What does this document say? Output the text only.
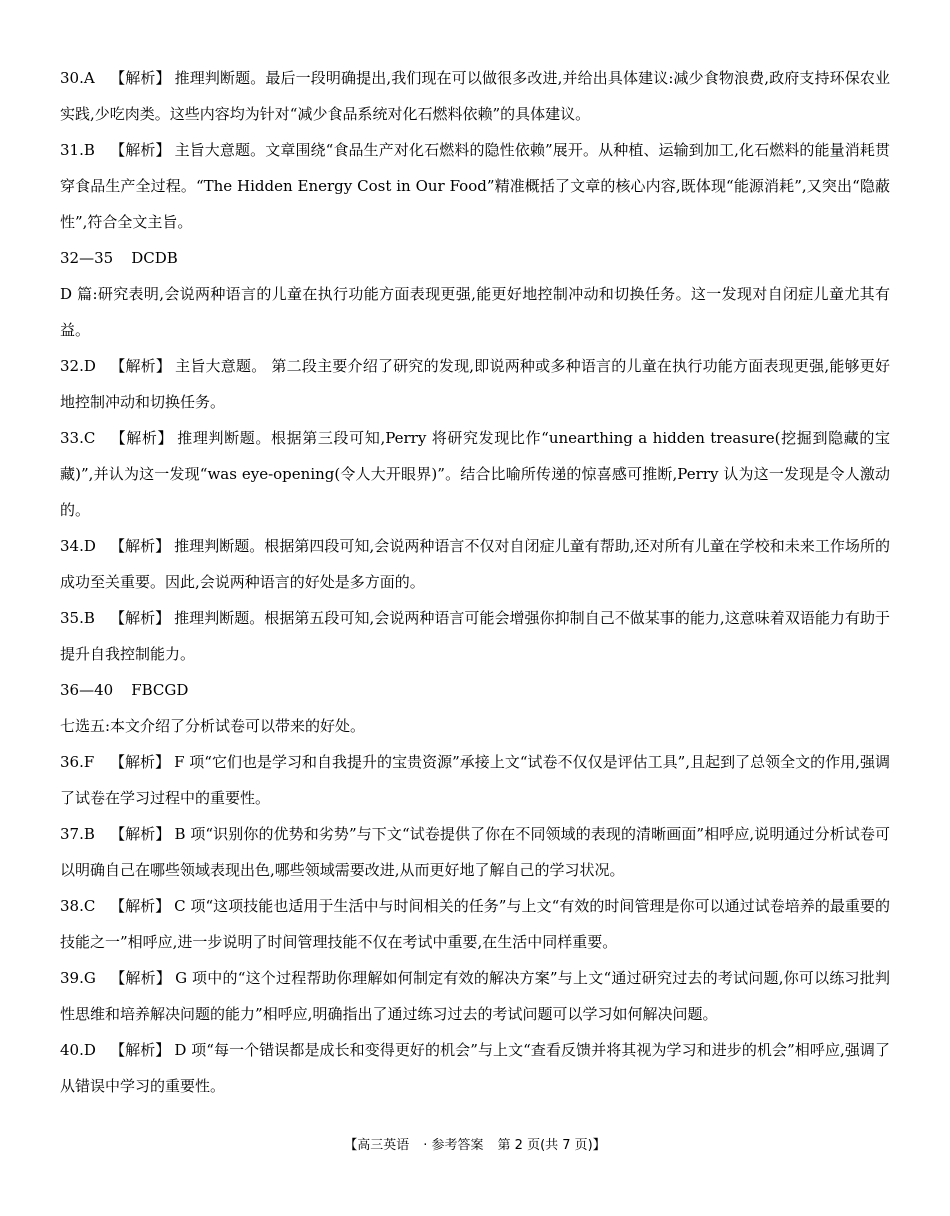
30.A 【解析】 推理判断题。最后一段明确提出,我们现在可以做很多改进,并给出具体建议:减少食物浪费,政府支持环保农业实践,少吃肉类。这些内容均为针对“减少食品系统对化石燃料依赖”的具体建议。

31.B 【解析】 主旨大意题。文章围绕“食品生产对化石燃料的隐性依赖”展开。从种植、运输到加工,化石燃料的能量消耗贯穿食品生产全过程。“The Hidden Energy Cost in Our Food”精准概括了文章的核心内容,既体现“能源消耗”,又突出“隐蔽性”,符合全文主旨。

32—35 DCDB

D 篇:研究表明,会说两种语言的儿童在执行功能方面表现更强,能更好地控制冲动和切换任务。这一发现对自闭症儿童尤其有益。

32.D 【解析】 主旨大意题。 第二段主要介绍了研究的发现,即说两种或多种语言的儿童在执行功能方面表现更强,能够更好地控制冲动和切换任务。

33.C 【解析】 推理判断题。根据第三段可知,Perry 将研究发现比作“unearthing a hidden treasure(挖掘到隐藏的宝藏)”,并认为这一发现“was eye-opening(令人大开眼界)”。结合比喻所传递的惊喜感可推断,Perry 认为这一发现是令人激动的。

34.D 【解析】 推理判断题。根据第四段可知,会说两种语言不仅对自闭症儿童有帮助,还对所有儿童在学校和未来工作场所的成功至关重要。因此,会说两种语言的好处是多方面的。

35.B 【解析】 推理判断题。根据第五段可知,会说两种语言可能会增强你抑制自己不做某事的能力,这意味着双语能力有助于提升自我控制能力。

36—40 FBCGD

七选五:本文介绍了分析试卷可以带来的好处。

36.F 【解析】 F 项“它们也是学习和自我提升的宝贵资源”承接上文“试卷不仅仅是评估工具”,且起到了总领全文的作用,强调了试卷在学习过程中的重要性。

37.B 【解析】 B 项“识别你的优势和劣势”与下文“试卷提供了你在不同领域的表现的清晰画面”相呼应,说明通过分析试卷可以明确自己在哪些领域表现出色,哪些领域需要改进,从而更好地了解自己的学习状况。

38.C 【解析】 C 项“这项技能也适用于生活中与时间相关的任务”与上文“有效的时间管理是你可以通过试卷培养的最重要的技能之一”相呼应,进一步说明了时间管理技能不仅在考试中重要,在生活中同样重要。

39.G 【解析】 G 项中的“这个过程帮助你理解如何制定有效的解决方案”与上文“通过研究过去的考试问题,你可以练习批判性思维和培养解决问题的能力”相呼应,明确指出了通过练习过去的考试问题可以学习如何解决问题。

40.D 【解析】 D 项“每一个错误都是成长和变得更好的机会”与上文“查看反馈并将其视为学习和进步的机会”相呼应,强调了从错误中学习的重要性。

【高三英语 · 参考答案 第 2 页(共 7 页)】
